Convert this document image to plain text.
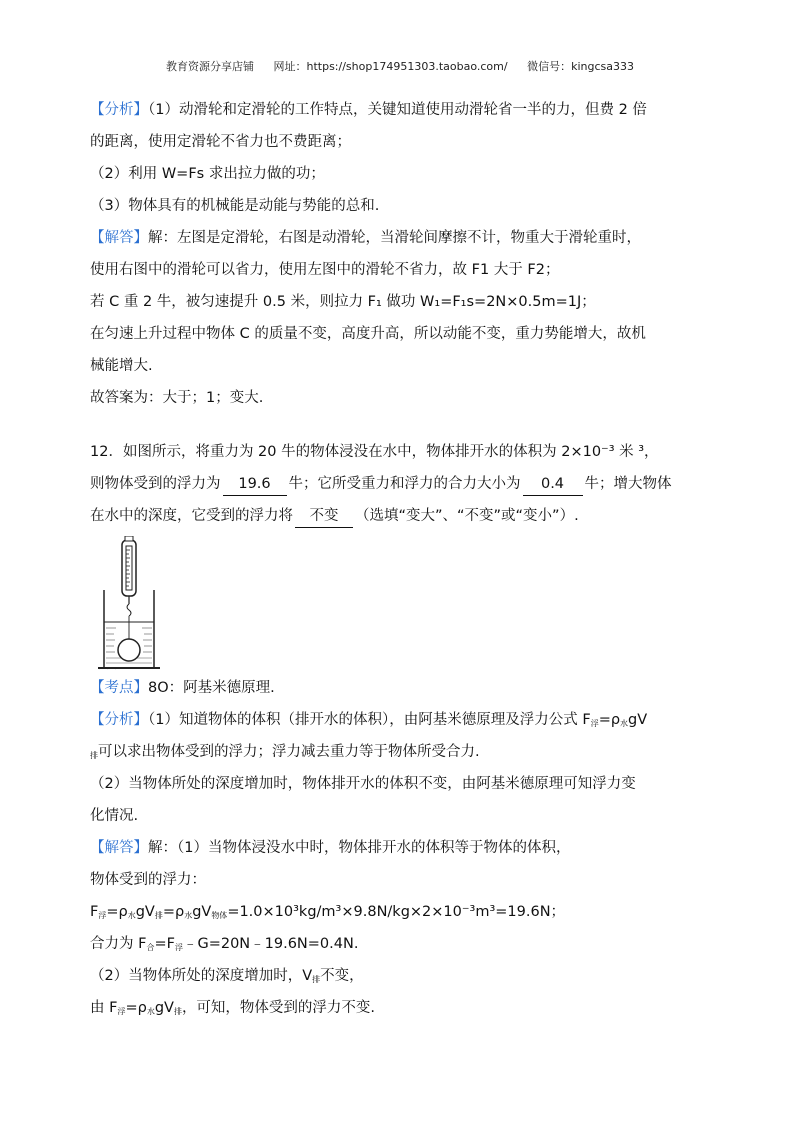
教育资源分享店铺 网址：https://shop174951303.taobao.com/ 微信号：kingcsa333
【分析】（1）动滑轮和定滑轮的工作特点，关键知道使用动滑轮省一半的力，但费 2 倍
的距离，使用定滑轮不省力也不费距离；
（2）利用 W=Fs 求出拉力做的功；
（3）物体具有的机械能是动能与势能的总和.
【解答】解：左图是定滑轮，右图是动滑轮，当滑轮间摩擦不计，物重大于滑轮重时，
使用右图中的滑轮可以省力，使用左图中的滑轮不省力，故 F1 大于 F2；
若 C 重 2 牛，被匀速提升 0.5 米，则拉力 F₁ 做功 W₁=F₁s=2N×0.5m=1J；
在匀速上升过程中物体 C 的质量不变，高度升高，所以动能不变，重力势能增大，故机
械能增大.
故答案为：大于；1；变大.
12．如图所示，将重力为 20 牛的物体浸没在水中，物体排开水的体积为 2×10⁻³ 米 ³，
则物体受到的浮力为 19.6 牛；它所受重力和浮力的合力大小为 0.4 牛；增大物体
在水中的深度，它受到的浮力将 不变 （选填“变大”、“不变”或“变小”）.
【考点】8O：阿基米德原理.
【分析】（1）知道物体的体积（排开水的体积），由阿基米德原理及浮力公式 $F_浮=\rho_水gV$
$_排$可以求出物体受到的浮力；浮力减去重力等于物体所受合力.
（2）当物体所处的深度增加时，物体排开水的体积不变，由阿基米德原理可知浮力变
化情况.
【解答】解：（1）当物体浸没水中时，物体排开水的体积等于物体的体积，
物体受到的浮力：
$F_浮=\rho_水gV_排=\rho_水gV_{物体}=1.0\times 10^3kg/m^3\times 9.8N/kg\times 2\times 10^{-3}m^3=19.6N$；
合力为 $F_合=F_浮﹣G=20N﹣19.6N=0.4N$.
（2）当物体所处的深度增加时，$V_排$不变，
由 $F_浮=\rho_水gV_排$，可知，物体受到的浮力不变.
